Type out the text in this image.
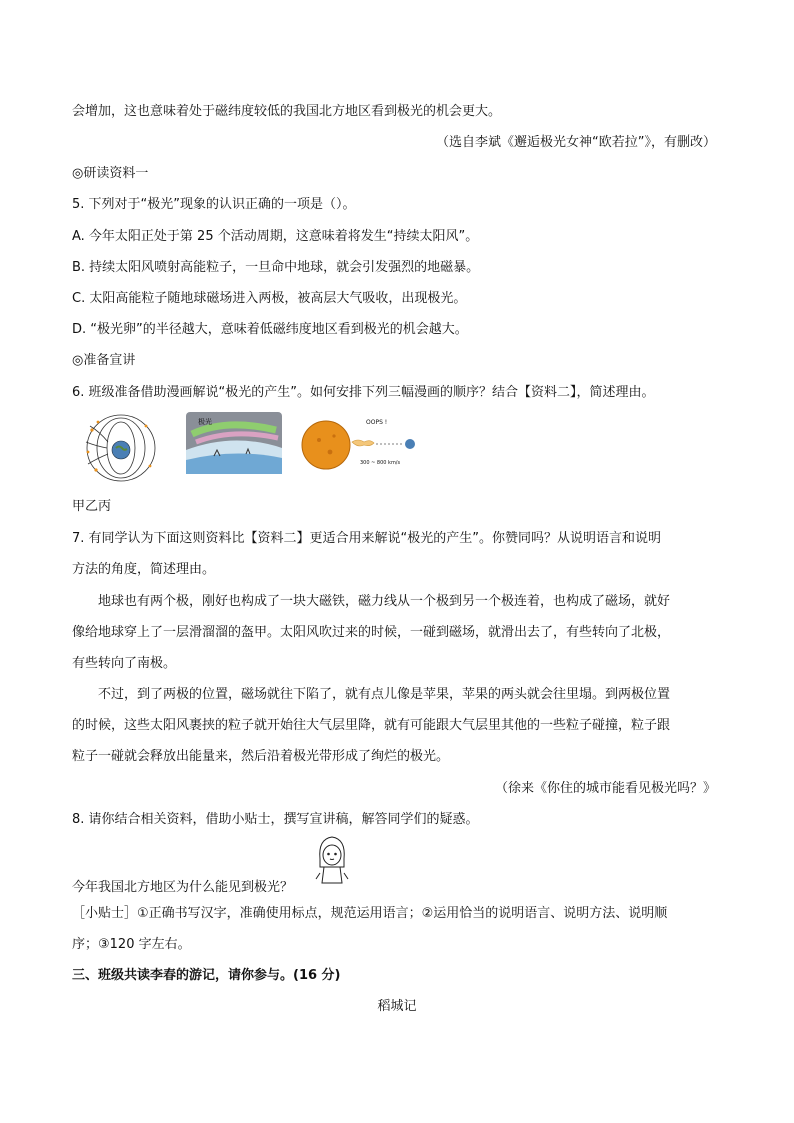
会增加，这也意味着处于磁纬度较低的我国北方地区看到极光的机会更大。
（选自李斌《邂逅极光女神“欧若拉”》，有删改）
◎研读资料一
5. 下列对于“极光”现象的认识正确的一项是（）。
A. 今年太阳正处于第 25 个活动周期，这意味着将发生“持续太阳风”。
B. 持续太阳风喷射高能粒子，一旦命中地球，就会引发强烈的地磁暴。
C. 太阳高能粒子随地球磁场进入两极，被高层大气吸收，出现极光。
D. “极光卵”的半径越大，意味着低磁纬度地区看到极光的机会越大。
◎准备宣讲
6. 班级准备借助漫画解说“极光的产生”。如何安排下列三幅漫画的顺序？结合【资料二】，简述理由。
极光	OOPS !
300 ~ 800 km/s
甲乙丙
7. 有同学认为下面这则资料比【资料二】更适合用来解说“极光的产生”。你赞同吗？从说明语言和说明
方法的角度，简述理由。
地球也有两个极，刚好也构成了一块大磁铁，磁力线从一个极到另一个极连着，也构成了磁场，就好
像给地球穿上了一层滑溜溜的盔甲。太阳风吹过来的时候，一碰到磁场，就滑出去了，有些转向了北极，
有些转向了南极。
不过，到了两极的位置，磁场就往下陷了，就有点儿像是苹果，苹果的两头就会往里塌。到两极位置
的时候，这些太阳风裹挟的粒子就开始往大气层里降，就有可能跟大气层里其他的一些粒子碰撞，粒子跟
粒子一碰就会释放出能量来，然后沿着极光带形成了绚烂的极光。
（徐来《你住的城市能看见极光吗？》
8. 请你结合相关资料，借助小贴士，撰写宣讲稿，解答同学们的疑惑。
今年我国北方地区为什么能见到极光？
［小贴士］①正确书写汉字，准确使用标点，规范运用语言；②运用恰当的说明语言、说明方法、说明顺
序；③120 字左右。
三、班级共读李春的游记，请你参与。(16 分)
稻城记
